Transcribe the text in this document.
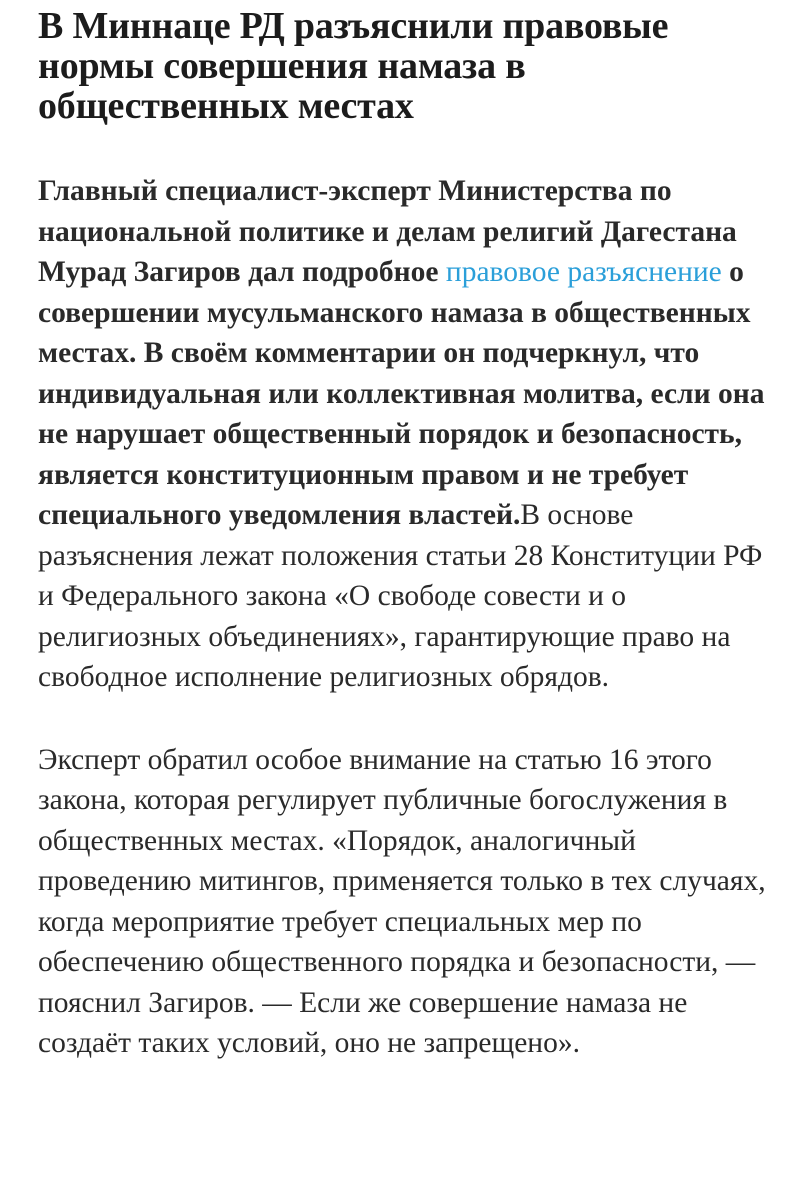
В Миннаце РД разъяснили правовые нормы совершения намаза в общественных местах

Главный специалист-эксперт Министерства по национальной политике и делам религий Дагестана Мурад Загиров дал подробное правовое разъяснение о совершении мусульманского намаза в общественных местах. В своём комментарии он подчеркнул, что индивидуальная или коллективная молитва, если она не нарушает общественный порядок и безопасность, является конституционным правом и не требует специального уведомления властей.В основе разъяснения лежат положения статьи 28 Конституции РФ и Федерального закона «О свободе совести и о религиозных объединениях», гарантирующие право на свободное исполнение религиозных обрядов.

Эксперт обратил особое внимание на статью 16 этого закона, которая регулирует публичные богослужения в общественных местах. «Порядок, аналогичный проведению митингов, применяется только в тех случаях, когда мероприятие требует специальных мер по обеспечению общественного порядка и безопасности, — пояснил Загиров. — Если же совершение намаза не создаёт таких условий, оно не запрещено».
